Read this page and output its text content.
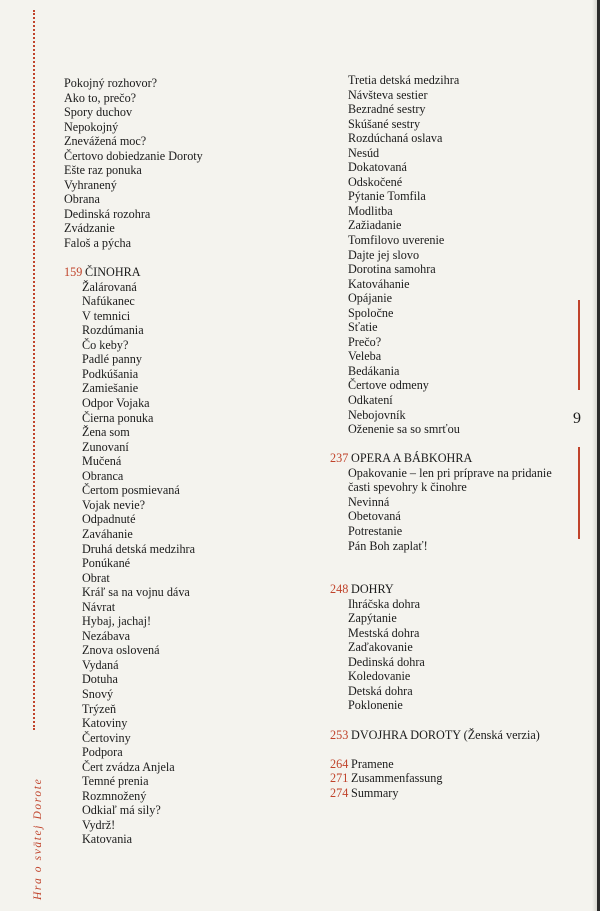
Hra o svätej Dorote
Pokojný rozhovor?
Ako to, prečo?
Spory duchov
Nepokojný
Znevážená moc?
Čertovo dobiedzanie Doroty
Ešte raz ponuka
Vyhranený
Obrana
Dedinská rozohra
Zvádzanie
Faloš a pýcha
159 ČINOHRA
Žalárovaná
Nafúkanec
V temnici
Rozdúmania
Čo keby?
Padlé panny
Podkúšania
Zamiešanie
Odpor Vojaka
Čierna ponuka
Žena som
Zunovaní
Mučená
Obranca
Čertom posmievaná
Vojak nevie?
Odpadnuté
Zaváhanie
Druhá detská medzihra
Ponúkané
Obrat
Kráľ sa na vojnu dáva
Návrat
Hybaj, jachaj!
Nezábava
Znova oslovená
Vydaná
Dotuha
Snový
Trýzeň
Katoviny
Čertoviny
Podpora
Čert zvádza Anjela
Temné prenia
Rozmnožený
Odkiaľ má sily?
Vydrž!
Katovania
Tretia detská medzihra
Návšteva sestier
Bezradné sestry
Skúšané sestry
Rozdúchaná oslava
Nesúd
Dokatovaná
Odskočené
Pýtanie Tomfila
Modlitba
Zažiadanie
Tomfilovo uverenie
Dajte jej slovo
Dorotina samohra
Katováhanie
Opájanie
Spoločne
Sťatie
Prečo?
Veleba
Bedákania
Čertove odmeny
Odkatení
Nebojovník
Oženenie sa so smrťou
237 OPERA A BÁBKOHRA
Opakovanie – len pri príprave na pridanie
časti spevohry k činohre
Nevinná
Obetovaná
Potrestanie
Pán Boh zaplať!
248 DOHRY
Ihráčska dohra
Zapýtanie
Mestská dohra
Zaďakovanie
Dedinská dohra
Koledovanie
Detská dohra
Poklonenie
253 DVOJHRA DOROTY (Ženská verzia)
264 Pramene
271 Zusammenfassung
274 Summary
9
